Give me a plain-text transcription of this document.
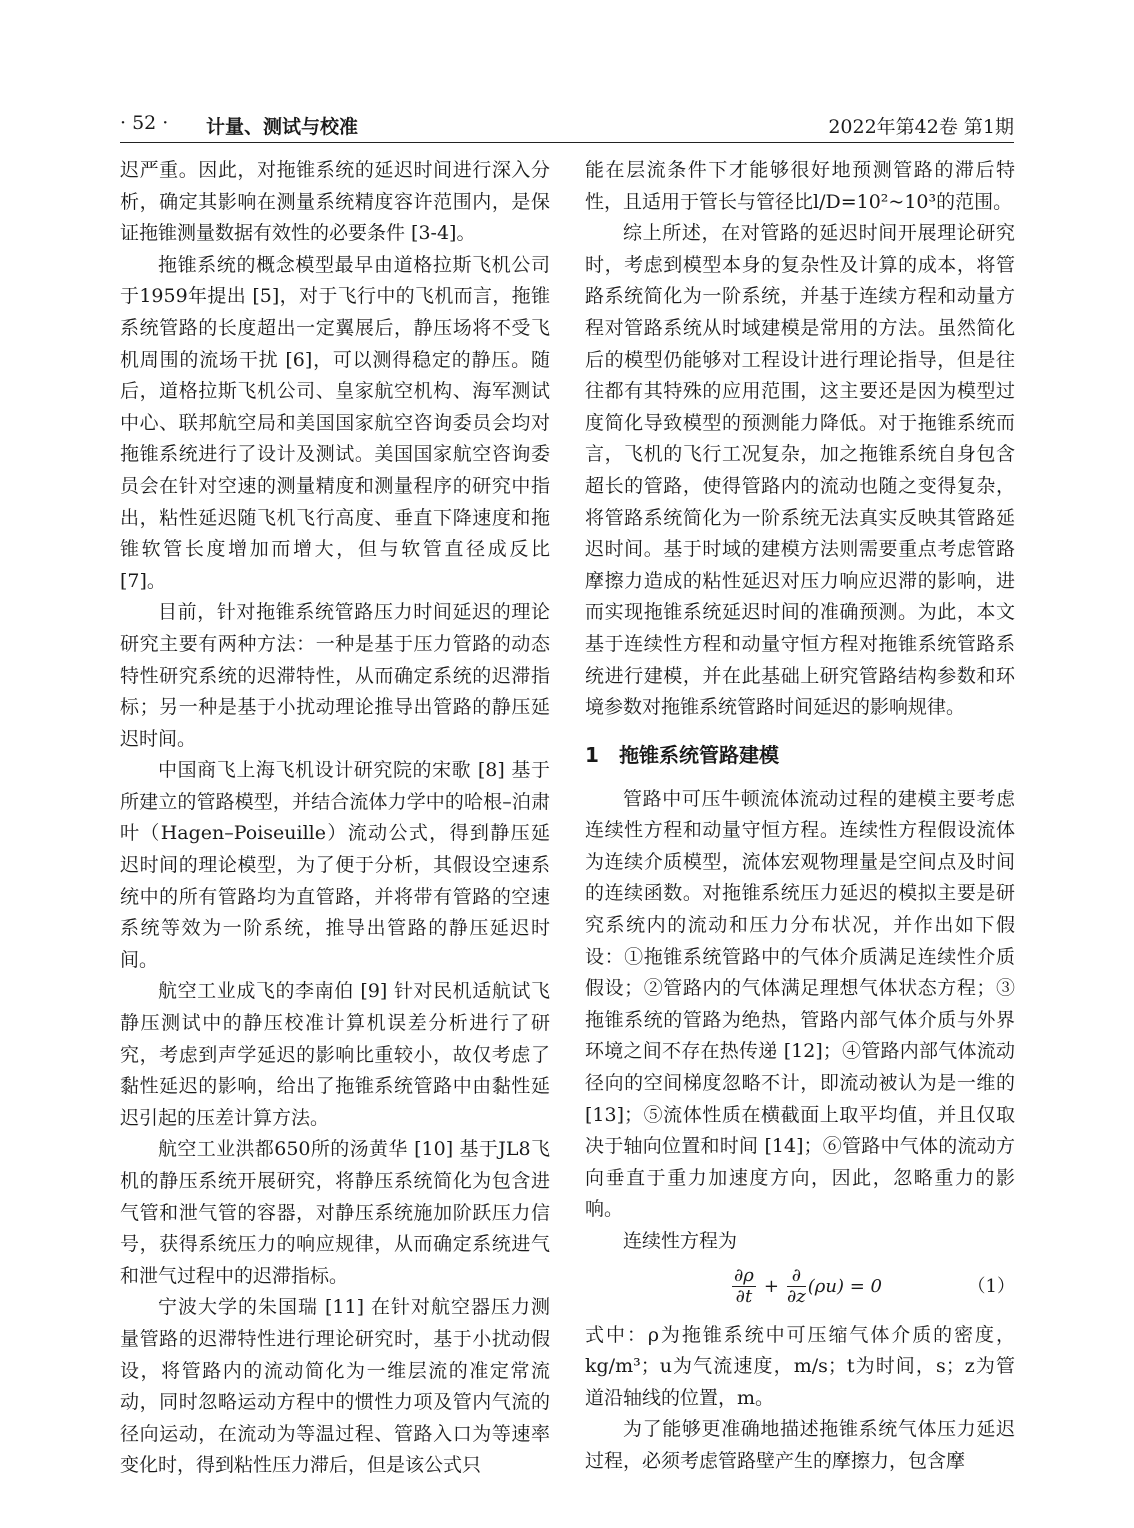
· 52 · 计量、测试与校准	2022年第42卷 第1期

迟严重。因此，对拖锥系统的延迟时间进行深入分析，确定其影响在测量系统精度容许范围内，是保证拖锥测量数据有效性的必要条件 [3-4]。

拖锥系统的概念模型最早由道格拉斯飞机公司于1959年提出 [5]，对于飞行中的飞机而言，拖锥系统管路的长度超出一定翼展后，静压场将不受飞机周围的流场干扰 [6]，可以测得稳定的静压。随后，道格拉斯飞机公司、皇家航空机构、海军测试中心、联邦航空局和美国国家航空咨询委员会均对拖锥系统进行了设计及测试。美国国家航空咨询委员会在针对空速的测量精度和测量程序的研究中指出，粘性延迟随飞机飞行高度、垂直下降速度和拖锥软管长度增加而增大，但与软管直径成反比 [7]。

目前，针对拖锥系统管路压力时间延迟的理论研究主要有两种方法：一种是基于压力管路的动态特性研究系统的迟滞特性，从而确定系统的迟滞指标；另一种是基于小扰动理论推导出管路的静压延迟时间。

中国商飞上海飞机设计研究院的宋歌 [8] 基于所建立的管路模型，并结合流体力学中的哈根–泊肃叶（Hagen–Poiseuille）流动公式，得到静压延迟时间的理论模型，为了便于分析，其假设空速系统中的所有管路均为直管路，并将带有管路的空速系统等效为一阶系统，推导出管路的静压延迟时间。

航空工业成飞的李南伯 [9] 针对民机适航试飞静压测试中的静压校准计算机误差分析进行了研究，考虑到声学延迟的影响比重较小，故仅考虑了黏性延迟的影响，给出了拖锥系统管路中由黏性延迟引起的压差计算方法。

航空工业洪都650所的汤黄华 [10] 基于JL8飞机的静压系统开展研究，将静压系统简化为包含进气管和泄气管的容器，对静压系统施加阶跃压力信号，获得系统压力的响应规律，从而确定系统进气和泄气过程中的迟滞指标。

宁波大学的朱国瑞 [11] 在针对航空器压力测量管路的迟滞特性进行理论研究时，基于小扰动假设，将管路内的流动简化为一维层流的准定常流动，同时忽略运动方程中的惯性力项及管内气流的径向运动，在流动为等温过程、管路入口为等速率变化时，得到粘性压力滞后，但是该公式只

能在层流条件下才能够很好地预测管路的滞后特性，且适用于管长与管径比l/D=10²~10³的范围。

综上所述，在对管路的延迟时间开展理论研究时，考虑到模型本身的复杂性及计算的成本，将管路系统简化为一阶系统，并基于连续方程和动量方程对管路系统从时域建模是常用的方法。虽然简化后的模型仍能够对工程设计进行理论指导，但是往往都有其特殊的应用范围，这主要还是因为模型过度简化导致模型的预测能力降低。对于拖锥系统而言，飞机的飞行工况复杂，加之拖锥系统自身包含超长的管路，使得管路内的流动也随之变得复杂，将管路系统简化为一阶系统无法真实反映其管路延迟时间。基于时域的建模方法则需要重点考虑管路摩擦力造成的粘性延迟对压力响应迟滞的影响，进而实现拖锥系统延迟时间的准确预测。为此，本文基于连续性方程和动量守恒方程对拖锥系统管路系统进行建模，并在此基础上研究管路结构参数和环境参数对拖锥系统管路时间延迟的影响规律。

1 拖锥系统管路建模

管路中可压牛顿流体流动过程的建模主要考虑连续性方程和动量守恒方程。连续性方程假设流体为连续介质模型，流体宏观物理量是空间点及时间的连续函数。对拖锥系统压力延迟的模拟主要是研究系统内的流动和压力分布状况，并作出如下假设：①拖锥系统管路中的气体介质满足连续性介质假设；②管路内的气体满足理想气体状态方程；③拖锥系统的管路为绝热，管路内部气体介质与外界环境之间不存在热传递 [12]；④管路内部气体流动径向的空间梯度忽略不计，即流动被认为是一维的 [13]；⑤流体性质在横截面上取平均值，并且仅取决于轴向位置和时间 [14]；⑥管路中气体的流动方向垂直于重力加速度方向，因此，忽略重力的影响。

连续性方程为

$\frac{\partial\rho}{\partial t} + \frac{\partial}{\partial z} (\rho u) = 0$	（1）

式中：ρ为拖锥系统中可压缩气体介质的密度，kg/m³；u为气流速度，m/s；t为时间，s；z为管道沿轴线的位置，m。

为了能够更准确地描述拖锥系统气体压力延迟过程，必须考虑管路壁产生的摩擦力，包含摩
